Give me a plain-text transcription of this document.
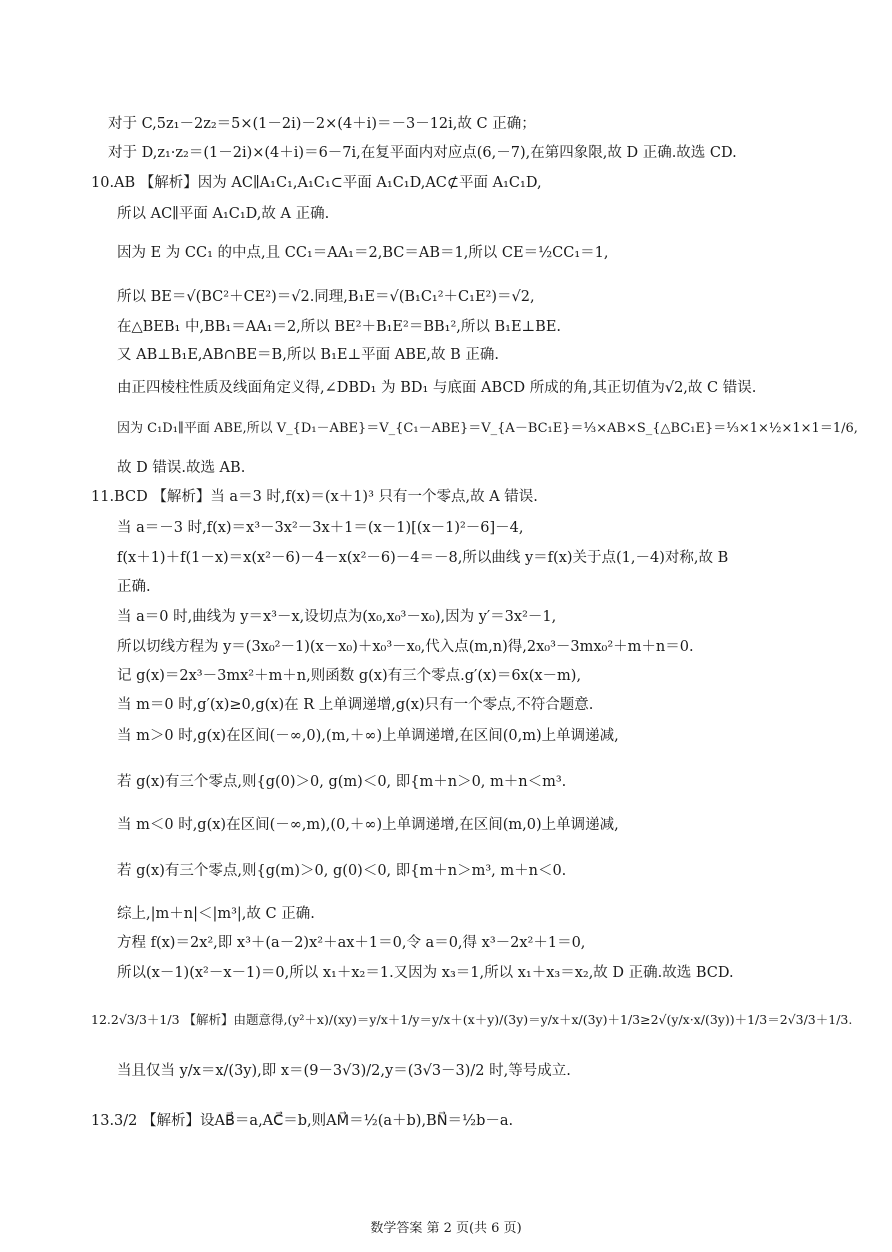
对于 C,5z₁－2z₂＝5×(1－2i)－2×(4＋i)＝－3－12i,故 C 正确；
对于 D,z₁·z₂＝(1－2i)×(4＋i)＝6－7i,在复平面内对应点(6,－7),在第四象限,故 D 正确.故选 CD.
10.AB 【解析】因为 AC∥A₁C₁,A₁C₁⊂平面 A₁C₁D,AC⊄平面 A₁C₁D,
所以 AC∥平面 A₁C₁D,故 A 正确.
因为 E 为 CC₁ 的中点,且 CC₁＝AA₁＝2,BC＝AB＝1,所以 CE＝½CC₁＝1,
所以 BE＝√(BC²＋CE²)＝√2.同理,B₁E＝√(B₁C₁²＋C₁E²)＝√2,
在△BEB₁ 中,BB₁＝AA₁＝2,所以 BE²＋B₁E²＝BB₁²,所以 B₁E⊥BE.
又 AB⊥B₁E,AB∩BE＝B,所以 B₁E⊥平面 ABE,故 B 正确.
由正四棱柱性质及线面角定义得,∠DBD₁ 为 BD₁ 与底面 ABCD 所成的角,其正切值为√2,故 C 错误.
因为 C₁D₁∥平面 ABE,所以 V_{D₁－ABE}＝V_{C₁－ABE}＝V_{A－BC₁E}＝⅓×AB×S_{△BC₁E}＝⅓×1×½×1×1＝1/6,
故 D 错误.故选 AB.
11.BCD 【解析】当 a＝3 时,f(x)＝(x＋1)³ 只有一个零点,故 A 错误.
当 a＝－3 时,f(x)＝x³－3x²－3x＋1＝(x－1)[(x－1)²－6]－4,
f(x＋1)＋f(1－x)＝x(x²－6)－4－x(x²－6)－4＝－8,所以曲线 y＝f(x)关于点(1,－4)对称,故 B
正确.
当 a＝0 时,曲线为 y＝x³－x,设切点为(x₀,x₀³－x₀),因为 y′＝3x²－1,
所以切线方程为 y＝(3x₀²－1)(x－x₀)＋x₀³－x₀,代入点(m,n)得,2x₀³－3mx₀²＋m＋n＝0.
记 g(x)＝2x³－3mx²＋m＋n,则函数 g(x)有三个零点.g′(x)＝6x(x－m),
当 m＝0 时,g′(x)≥0,g(x)在 R 上单调递增,g(x)只有一个零点,不符合题意.
当 m＞0 时,g(x)在区间(－∞,0),(m,＋∞)上单调递增,在区间(0,m)上单调递减,
若 g(x)有三个零点,则{g(0)＞0, g(m)＜0, 即{m＋n＞0, m＋n＜m³.
当 m＜0 时,g(x)在区间(－∞,m),(0,＋∞)上单调递增,在区间(m,0)上单调递减,
若 g(x)有三个零点,则{g(m)＞0, g(0)＜0, 即{m＋n＞m³, m＋n＜0.
综上,|m＋n|＜|m³|,故 C 正确.
方程 f(x)＝2x²,即 x³＋(a－2)x²＋ax＋1＝0,令 a＝0,得 x³－2x²＋1＝0,
所以(x－1)(x²－x－1)＝0,所以 x₁＋x₂＝1.又因为 x₃＝1,所以 x₁＋x₃＝x₂,故 D 正确.故选 BCD.
12.2√3/3＋1/3 【解析】由题意得,(y²＋x)/(xy)＝y/x＋1/y＝y/x＋(x＋y)/(3y)＝y/x＋x/(3y)＋1/3≥2√(y/x·x/(3y))＋1/3＝2√3/3＋1/3.
当且仅当 y/x＝x/(3y),即 x＝(9－3√3)/2,y＝(3√3－3)/2 时,等号成立.
13.3/2 【解析】设AB⃗＝a,AC⃗＝b,则AM⃗＝½(a＋b),BN⃗＝½b－a.
数学答案 第 2 页(共 6 页)
